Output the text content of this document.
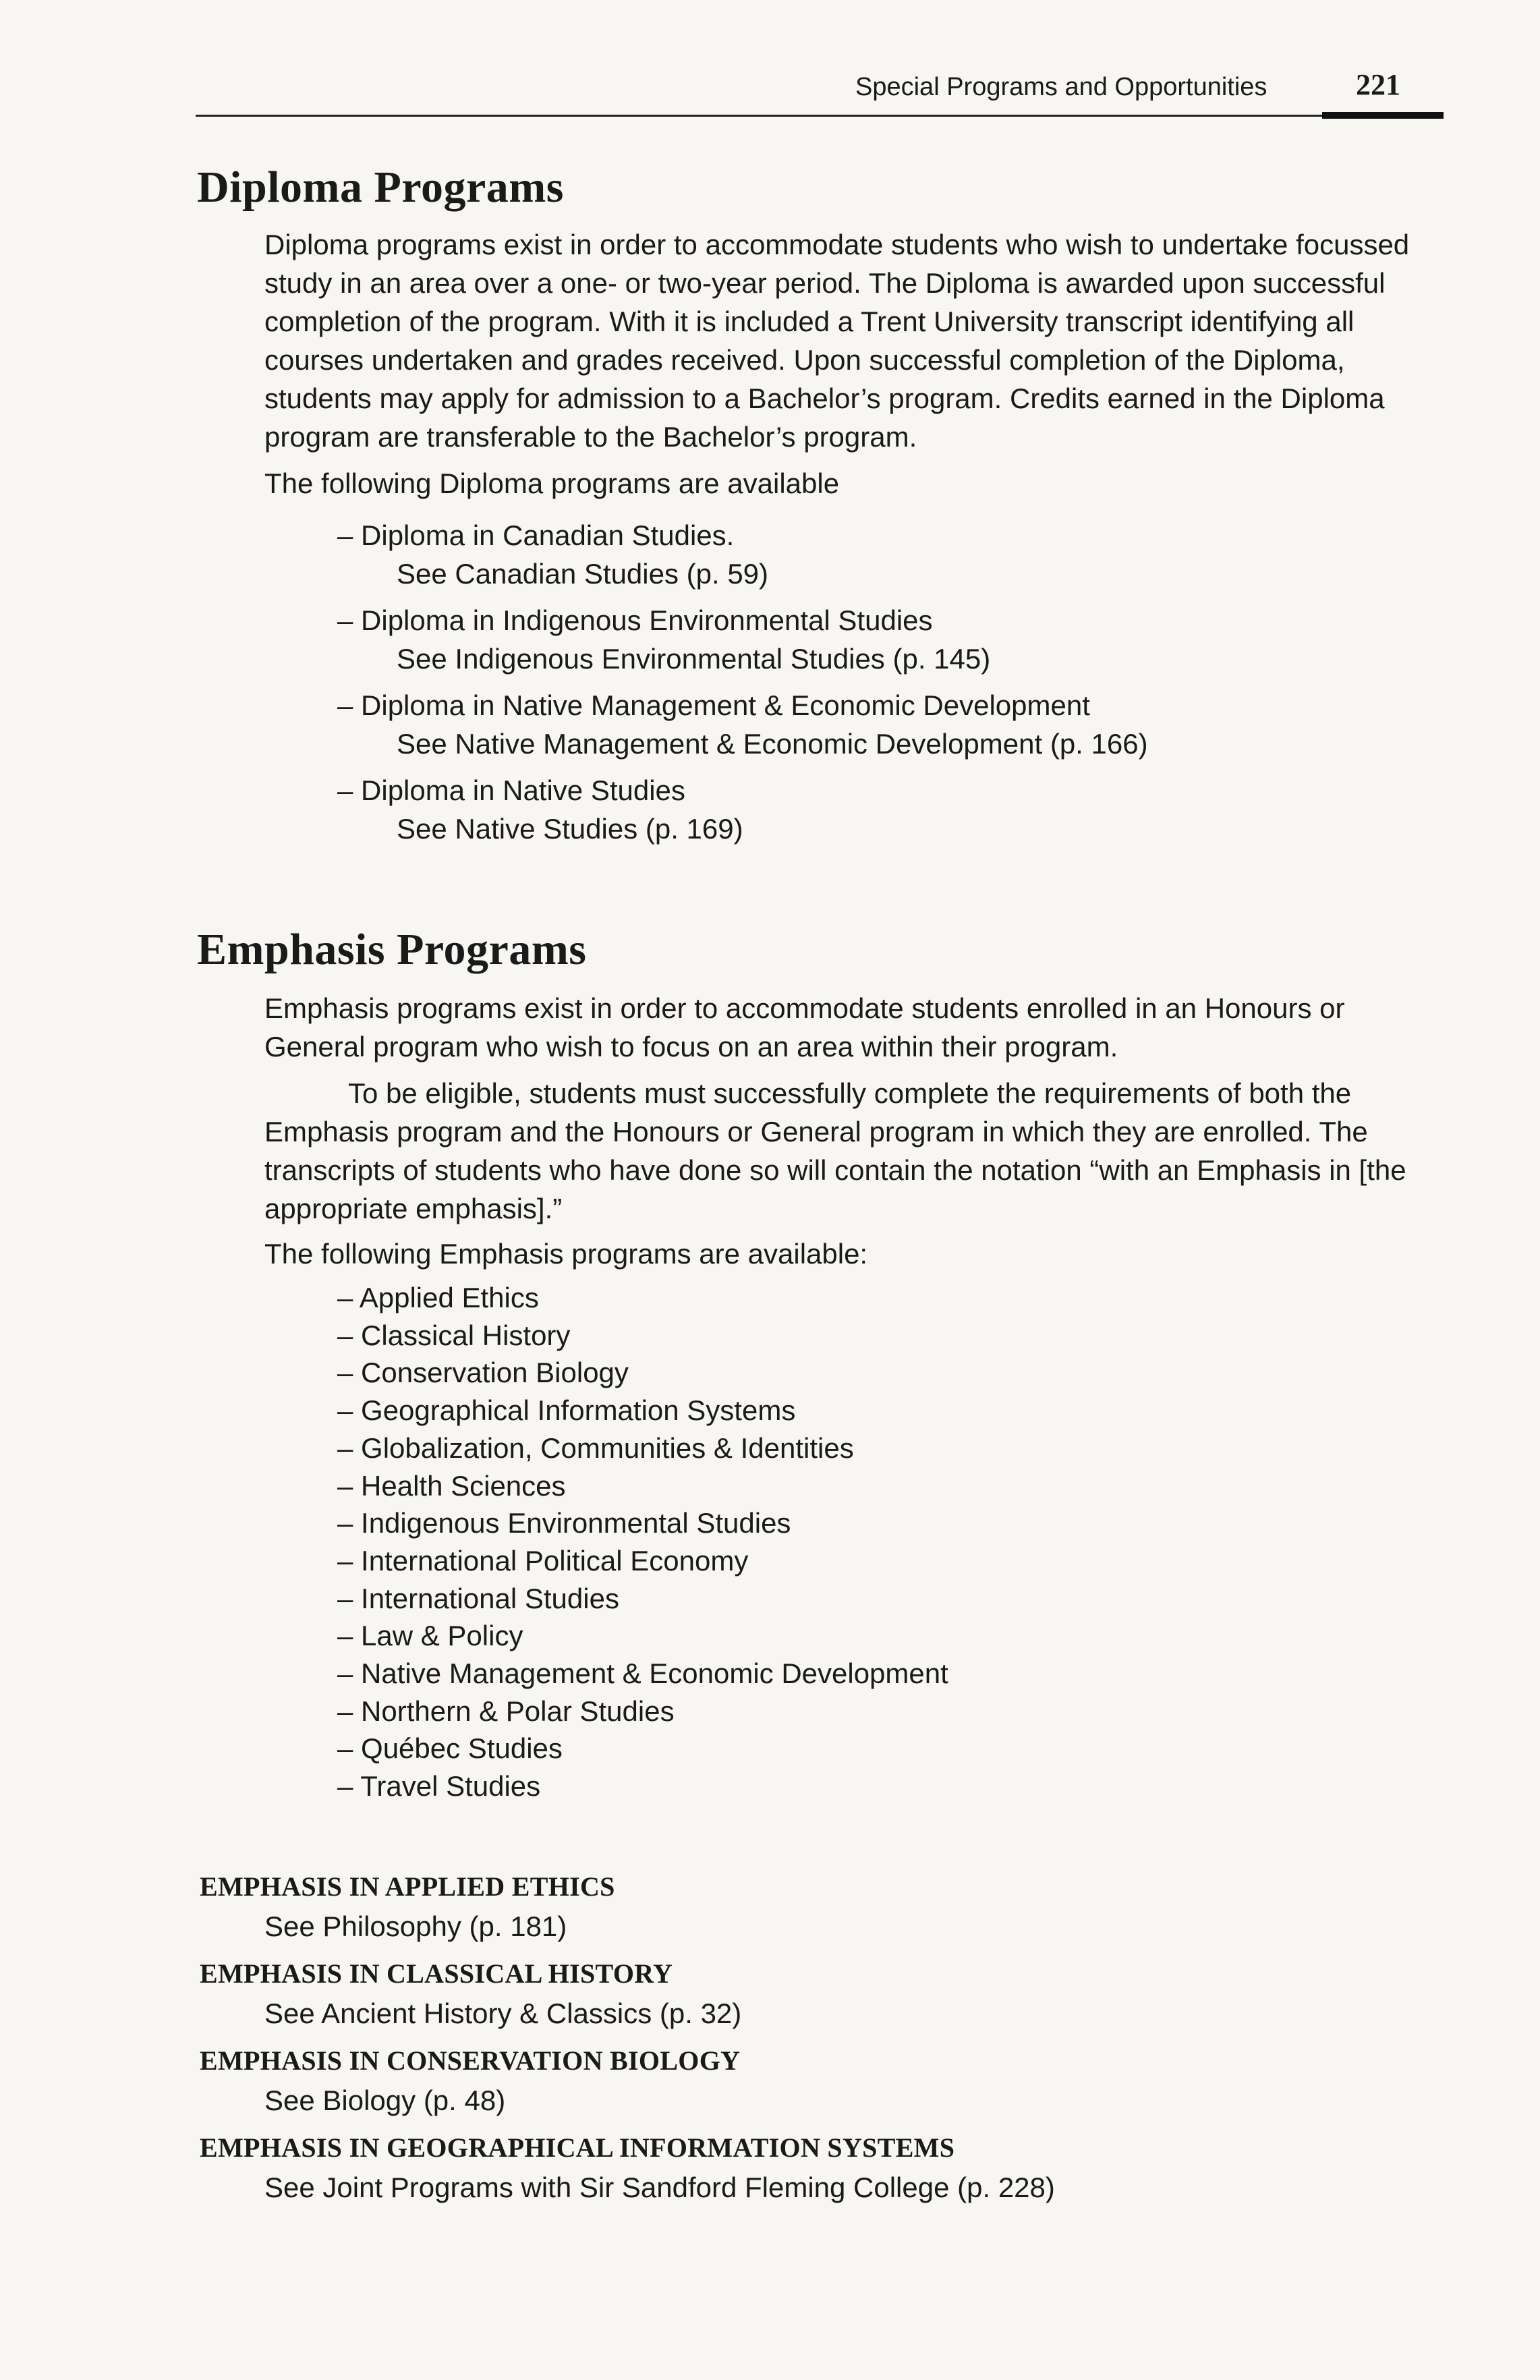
Special Programs and Opportunities	221
Diploma Programs

Diploma programs exist in order to accommodate students who wish to undertake focussed study in an area over a one- or two-year period. The Diploma is awarded upon successful completion of the program. With it is included a Trent University transcript identifying all courses undertaken and grades received. Upon successful completion of the Diploma, students may apply for admission to a Bachelor’s program. Credits earned in the Diploma program are transferable to the Bachelor’s program.

The following Diploma programs are available

– Diploma in Canadian Studies.
See Canadian Studies (p. 59)
– Diploma in Indigenous Environmental Studies
See Indigenous Environmental Studies (p. 145)
– Diploma in Native Management & Economic Development
See Native Management & Economic Development (p. 166)
– Diploma in Native Studies
See Native Studies (p. 169)
Emphasis Programs

Emphasis programs exist in order to accommodate students enrolled in an Honours or General program who wish to focus on an area within their program.

To be eligible, students must successfully complete the requirements of both the Emphasis program and the Honours or General program in which they are enrolled. The transcripts of students who have done so will contain the notation “with an Emphasis in [the appropriate emphasis].”

The following Emphasis programs are available:

– Applied Ethics
– Classical History
– Conservation Biology
– Geographical Information Systems
– Globalization, Communities & Identities
– Health Sciences
– Indigenous Environmental Studies
– International Political Economy
– International Studies
– Law & Policy
– Native Management & Economic Development
– Northern & Polar Studies
– Québec Studies
– Travel Studies
EMPHASIS IN APPLIED ETHICS
See Philosophy (p. 181)
EMPHASIS IN CLASSICAL HISTORY
See Ancient History & Classics (p. 32)
EMPHASIS IN CONSERVATION BIOLOGY
See Biology (p. 48)
EMPHASIS IN GEOGRAPHICAL INFORMATION SYSTEMS
See Joint Programs with Sir Sandford Fleming College (p. 228)
